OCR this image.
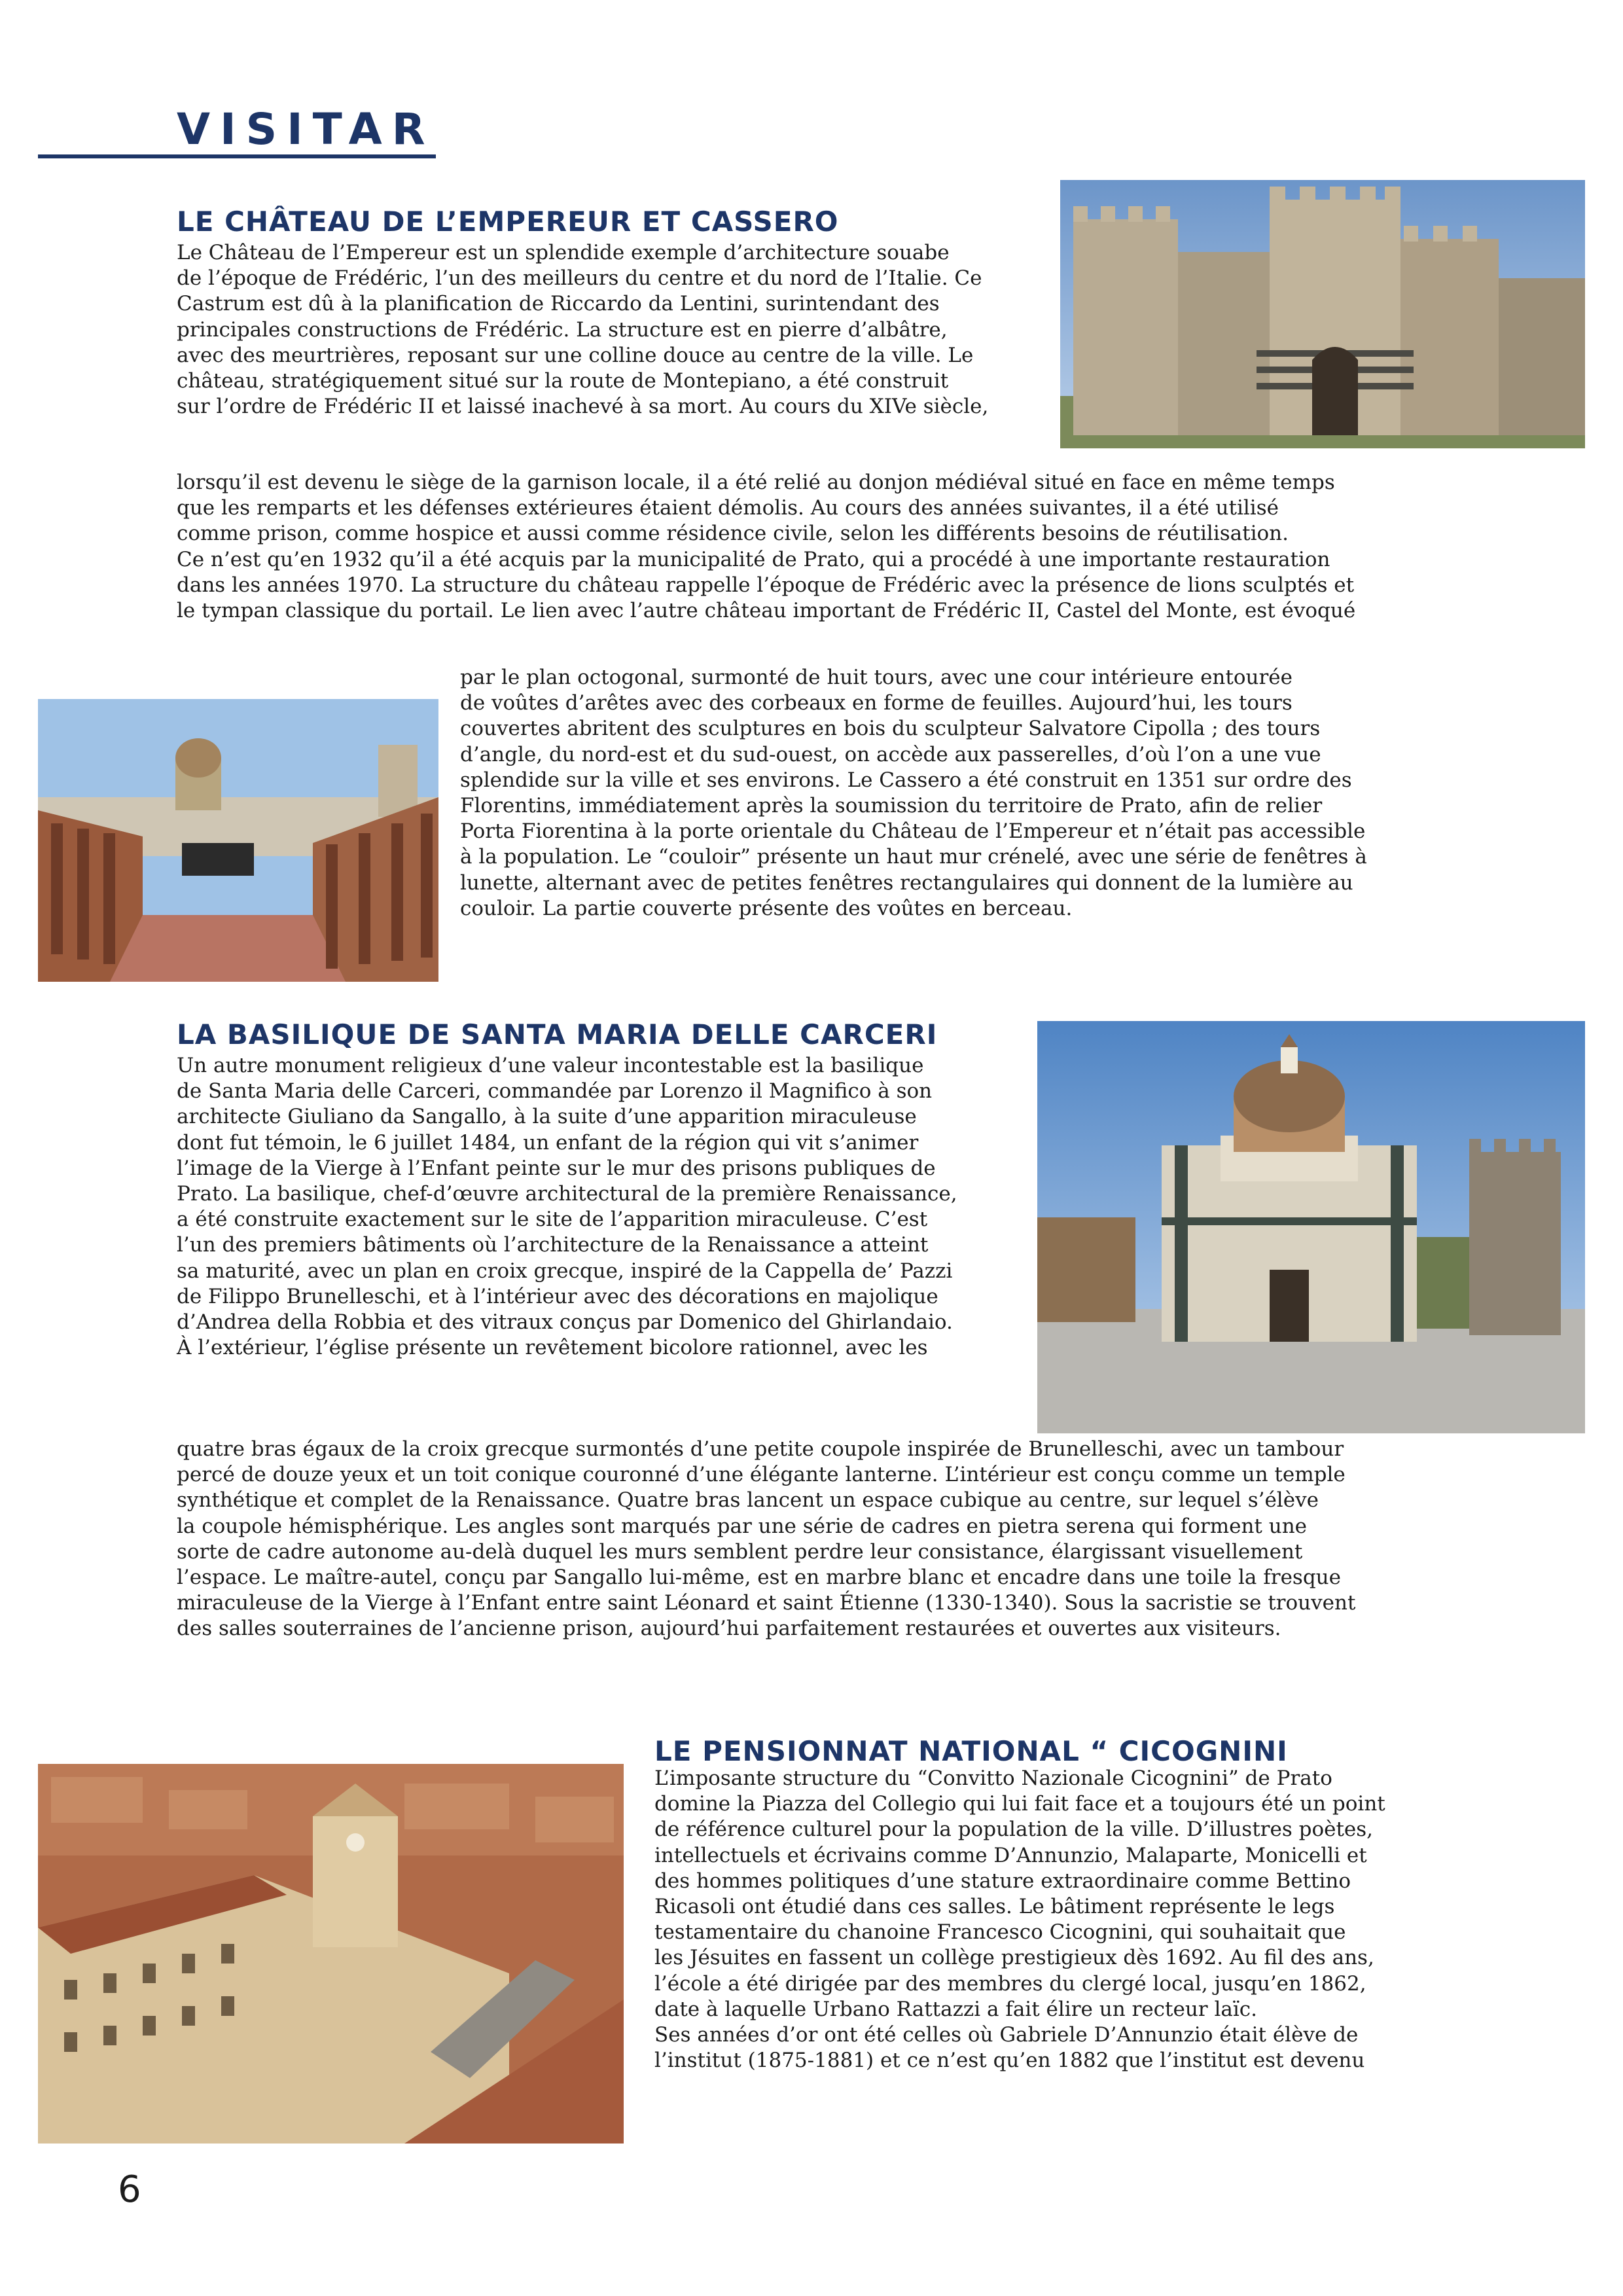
VISITAR
LE CHÂTEAU DE L’EMPEREUR ET CASSERO

Le Château de l’Empereur est un splendide exemple d’architecture souabe

de l’époque de Frédéric, l’un des meilleurs du centre et du nord de l’Italie. Ce

Castrum est dû à la planification de Riccardo da Lentini, surintendant des

principales constructions de Frédéric. La structure est en pierre d’albâtre,

avec des meurtrières, reposant sur une colline douce au centre de la ville. Le

château, stratégiquement situé sur la route de Montepiano, a été construit

sur l’ordre de Frédéric II et laissé inachevé à sa mort. Au cours du XIVe siècle,

lorsqu’il est devenu le siège de la garnison locale, il a été relié au donjon médiéval situé en face en même temps

que les remparts et les défenses extérieures étaient démolis. Au cours des années suivantes, il a été utilisé

comme prison, comme hospice et aussi comme résidence civile, selon les différents besoins de réutilisation.

Ce n’est qu’en 1932 qu’il a été acquis par la municipalité de Prato, qui a procédé à une importante restauration

dans les années 1970. La structure du château rappelle l’époque de Frédéric avec la présence de lions sculptés et

le tympan classique du portail. Le lien avec l’autre château important de Frédéric II, Castel del Monte, est évoqué

par le plan octogonal, surmonté de huit tours, avec une cour intérieure entourée

de voûtes d’arêtes avec des corbeaux en forme de feuilles. Aujourd’hui, les tours

couvertes abritent des sculptures en bois du sculpteur Salvatore Cipolla ; des tours

d’angle, du nord-est et du sud-ouest, on accède aux passerelles, d’où l’on a une vue

splendide sur la ville et ses environs. Le Cassero a été construit en 1351 sur ordre des

Florentins, immédiatement après la soumission du territoire de Prato, afin de relier

Porta Fiorentina à la porte orientale du Château de l’Empereur et n’était pas accessible

à la population. Le “couloir” présente un haut mur crénelé, avec une série de fenêtres à

lunette, alternant avec de petites fenêtres rectangulaires qui donnent de la lumière au

couloir. La partie couverte présente des voûtes en berceau.

LA BASILIQUE DE SANTA MARIA DELLE CARCERI

Un autre monument religieux d’une valeur incontestable est la basilique

de Santa Maria delle Carceri, commandée par Lorenzo il Magnifico à son

architecte Giuliano da Sangallo, à la suite d’une apparition miraculeuse

dont fut témoin, le 6 juillet 1484, un enfant de la région qui vit s’animer

l’image de la Vierge à l’Enfant peinte sur le mur des prisons publiques de

Prato. La basilique, chef-d’œuvre architectural de la première Renaissance,

a été construite exactement sur le site de l’apparition miraculeuse. C’est

l’un des premiers bâtiments où l’architecture de la Renaissance a atteint

sa maturité, avec un plan en croix grecque, inspiré de la Cappella de’ Pazzi

de Filippo Brunelleschi, et à l’intérieur avec des décorations en majolique

d’Andrea della Robbia et des vitraux conçus par Domenico del Ghirlandaio.

À l’extérieur, l’église présente un revêtement bicolore rationnel, avec les

quatre bras égaux de la croix grecque surmontés d’une petite coupole inspirée de Brunelleschi, avec un tambour

percé de douze yeux et un toit conique couronné d’une élégante lanterne. L’intérieur est conçu comme un temple

synthétique et complet de la Renaissance. Quatre bras lancent un espace cubique au centre, sur lequel s’élève

la coupole hémisphérique. Les angles sont marqués par une série de cadres en pietra serena qui forment une

sorte de cadre autonome au-delà duquel les murs semblent perdre leur consistance, élargissant visuellement

l’espace. Le maître-autel, conçu par Sangallo lui-même, est en marbre blanc et encadre dans une toile la fresque

miraculeuse de la Vierge à l’Enfant entre saint Léonard et saint Étienne (1330-1340). Sous la sacristie se trouvent

des salles souterraines de l’ancienne prison, aujourd’hui parfaitement restaurées et ouvertes aux visiteurs.

LE PENSIONNAT NATIONAL “ CICOGNINI

L’imposante structure du “Convitto Nazionale Cicognini” de Prato

domine la Piazza del Collegio qui lui fait face et a toujours été un point

de référence culturel pour la population de la ville. D’illustres poètes,

intellectuels et écrivains comme D’Annunzio, Malaparte, Monicelli et

des hommes politiques d’une stature extraordinaire comme Bettino

Ricasoli ont étudié dans ces salles. Le bâtiment représente le legs

testamentaire du chanoine Francesco Cicognini, qui souhaitait que

les Jésuites en fassent un collège prestigieux dès 1692. Au fil des ans,

l’école a été dirigée par des membres du clergé local, jusqu’en 1862,

date à laquelle Urbano Rattazzi a fait élire un recteur laïc.

Ses années d’or ont été celles où Gabriele D’Annunzio était élève de

l’institut (1875-1881) et ce n’est qu’en 1882 que l’institut est devenu

6
